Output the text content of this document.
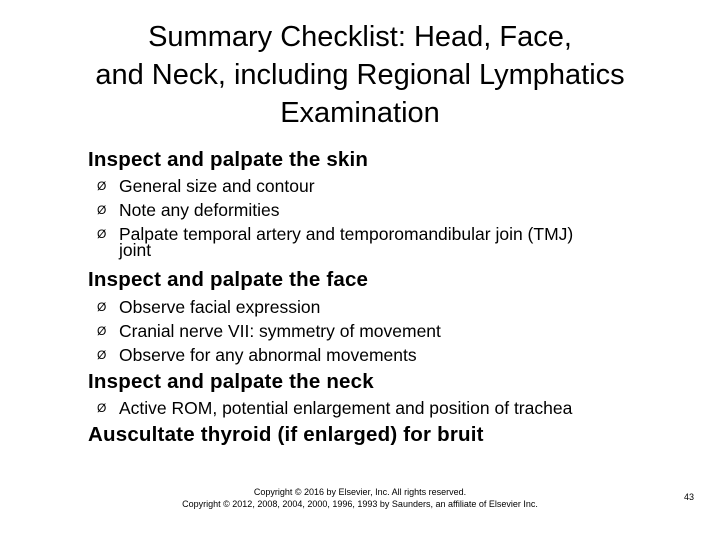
Summary Checklist: Head, Face,
and Neck, including Regional Lymphatics
Examination
Inspect and palpate the skin
Ø General size and contour
Ø Note any deformities
Ø Palpate temporal artery and temporomandibular join (TMJ)
joint
Inspect and palpate the face
Ø Observe facial expression
Ø Cranial nerve VII: symmetry of movement
Ø Observe for any abnormal movements
Inspect and palpate the neck
Ø Active ROM, potential enlargement and position of trachea
Auscultate thyroid (if enlarged) for bruit
Copyright © 2016 by Elsevier, Inc. All rights reserved.
Copyright © 2012, 2008, 2004, 2000, 1996, 1993 by Saunders, an affiliate of Elsevier Inc.
43
